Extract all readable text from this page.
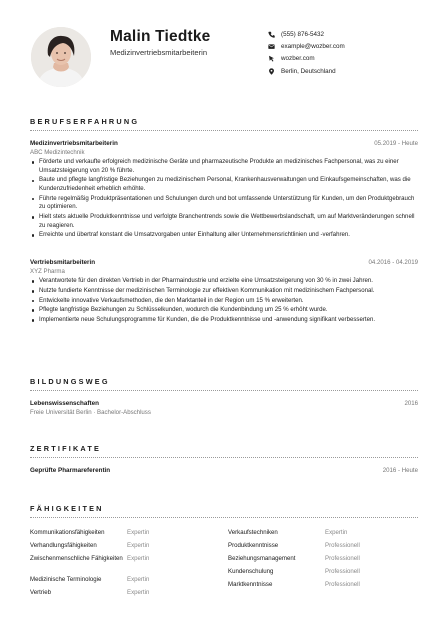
Malin Tiedtke
Medizinvertriebsmitarbeiterin
(555) 876-5432
example@wozber.com
wozber.com
Berlin, Deutschland
BERUFSERFAHRUNG
Medizinvertriebsmitarbeiterin	05.2019 - Heute
ABC Medizintechnik
Förderte und verkaufte erfolgreich medizinische Geräte und pharmazeutische Produkte an medizinisches Fachpersonal, was zu einer Umsatzsteigerung von 20 % führte.
Baute und pflegte langfristige Beziehungen zu medizinischem Personal, Krankenhausverwaltungen und Einkaufsgemeinschaften, was die Kundenzufriedenheit erheblich erhöhte.
Führte regelmäßig Produktpräsentationen und Schulungen durch und bot umfassende Unterstützung für Kunden, um den Produktgebrauch zu optimieren.
Hielt stets aktuelle Produktkenntnisse und verfolgte Branchentrends sowie die Wettbewerbslandschaft, um auf Marktveränderungen schnell zu reagieren.
Erreichte und übertraf konstant die Umsatzvorgaben unter Einhaltung aller Unternehmensrichtlinien und -verfahren.
Vertriebsmitarbeiterin	04.2016 - 04.2019
XYZ Pharma
Verantwortete für den direkten Vertrieb in der Pharmaindustrie und erzielte eine Umsatzsteigerung von 30 % in zwei Jahren.
Nutzte fundierte Kenntnisse der medizinischen Terminologie zur effektiven Kommunikation mit medizinischem Fachpersonal.
Entwickelte innovative Verkaufsmethoden, die den Marktanteil in der Region um 15 % erweiterten.
Pflegte langfristige Beziehungen zu Schlüsselkunden, wodurch die Kundenbindung um 25 % erhöht wurde.
Implementierte neue Schulungsprogramme für Kunden, die die Produktkenntnisse und -anwendung signifikant verbesserten.
BILDUNGSWEG
Lebenswissenschaften	2016
Freie Universität Berlin · Bachelor-Abschluss
ZERTIFIKATE
Geprüfte Pharmareferentin	2016 - Heute
FÄHIGKEITEN
Kommunikationsfähigkeiten	Expertin
Verhandlungsfähigkeiten	Expertin
Zwischenmenschliche Fähigkeiten Expertin
Medizinische Terminologie	Expertin
Vertrieb	Expertin
Verkaufstechniken	Expertin
Produktkenntnisse	Professionell
Beziehungsmanagement	Professionell
Kundenschulung	Professionell
Marktkenntnisse	Professionell
